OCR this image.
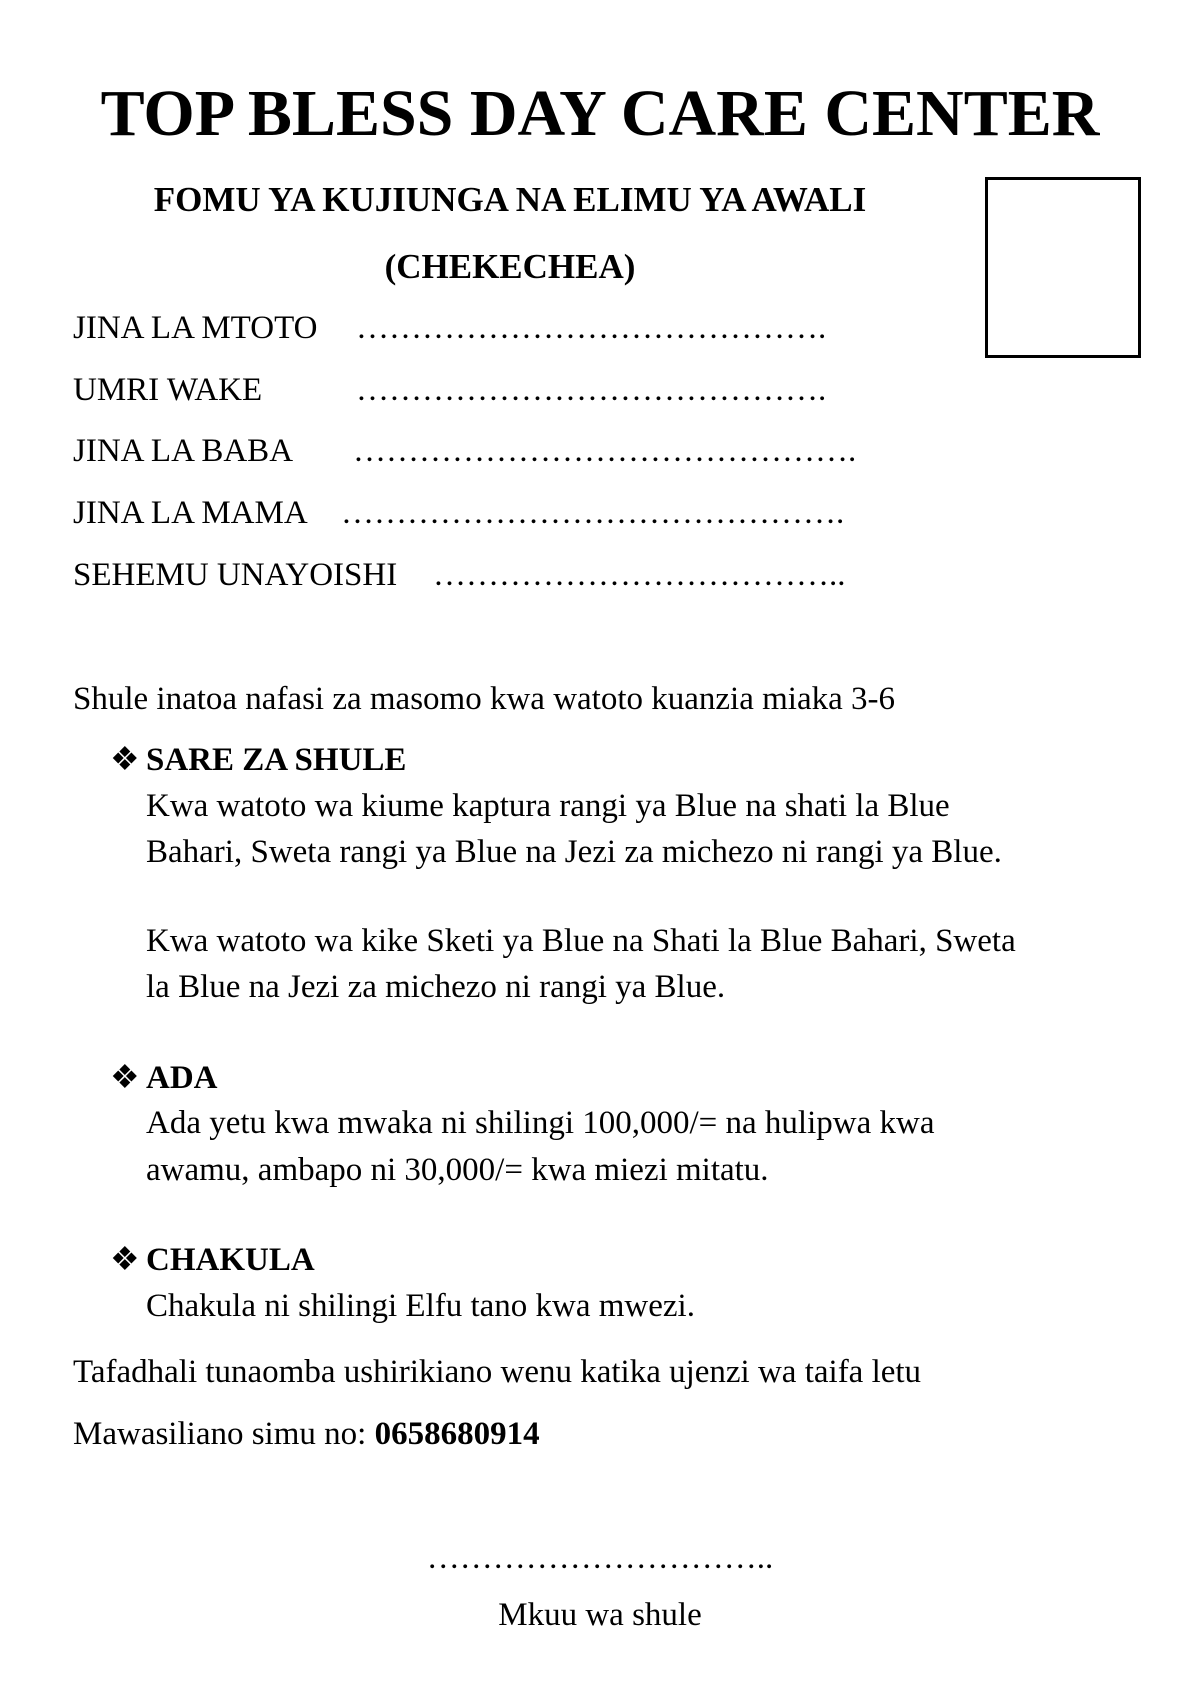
TOP BLESS DAY CARE CENTER
FOMU YA KUJIUNGA NA ELIMU YA AWALI
(CHEKECHEA)
JINA LA MTOTO …………………………………….
UMRI WAKE	…………………………………….
JINA LA BABA ……………………………………….
JINA LA MAMA ……………………………………….
SEHEMU UNAYOISHI ………………………………..
Shule inatoa nafasi za masomo kwa watoto kuanzia miaka 3-6
❖ SARE ZA SHULE
Kwa watoto wa kiume kaptura rangi ya Blue na shati la Blue
Bahari, Sweta rangi ya Blue na Jezi za michezo ni rangi ya Blue.
Kwa watoto wa kike Sketi ya Blue na Shati la Blue Bahari, Sweta
la Blue na Jezi za michezo ni rangi ya Blue.
❖ ADA
Ada yetu kwa mwaka ni shilingi 100,000/= na hulipwa kwa
awamu, ambapo ni 30,000/= kwa miezi mitatu.
❖ CHAKULA
Chakula ni shilingi Elfu tano kwa mwezi.
Tafadhali tunaomba ushirikiano wenu katika ujenzi wa taifa letu
Mawasiliano simu no: 0658680914
…………………………..
Mkuu wa shule
